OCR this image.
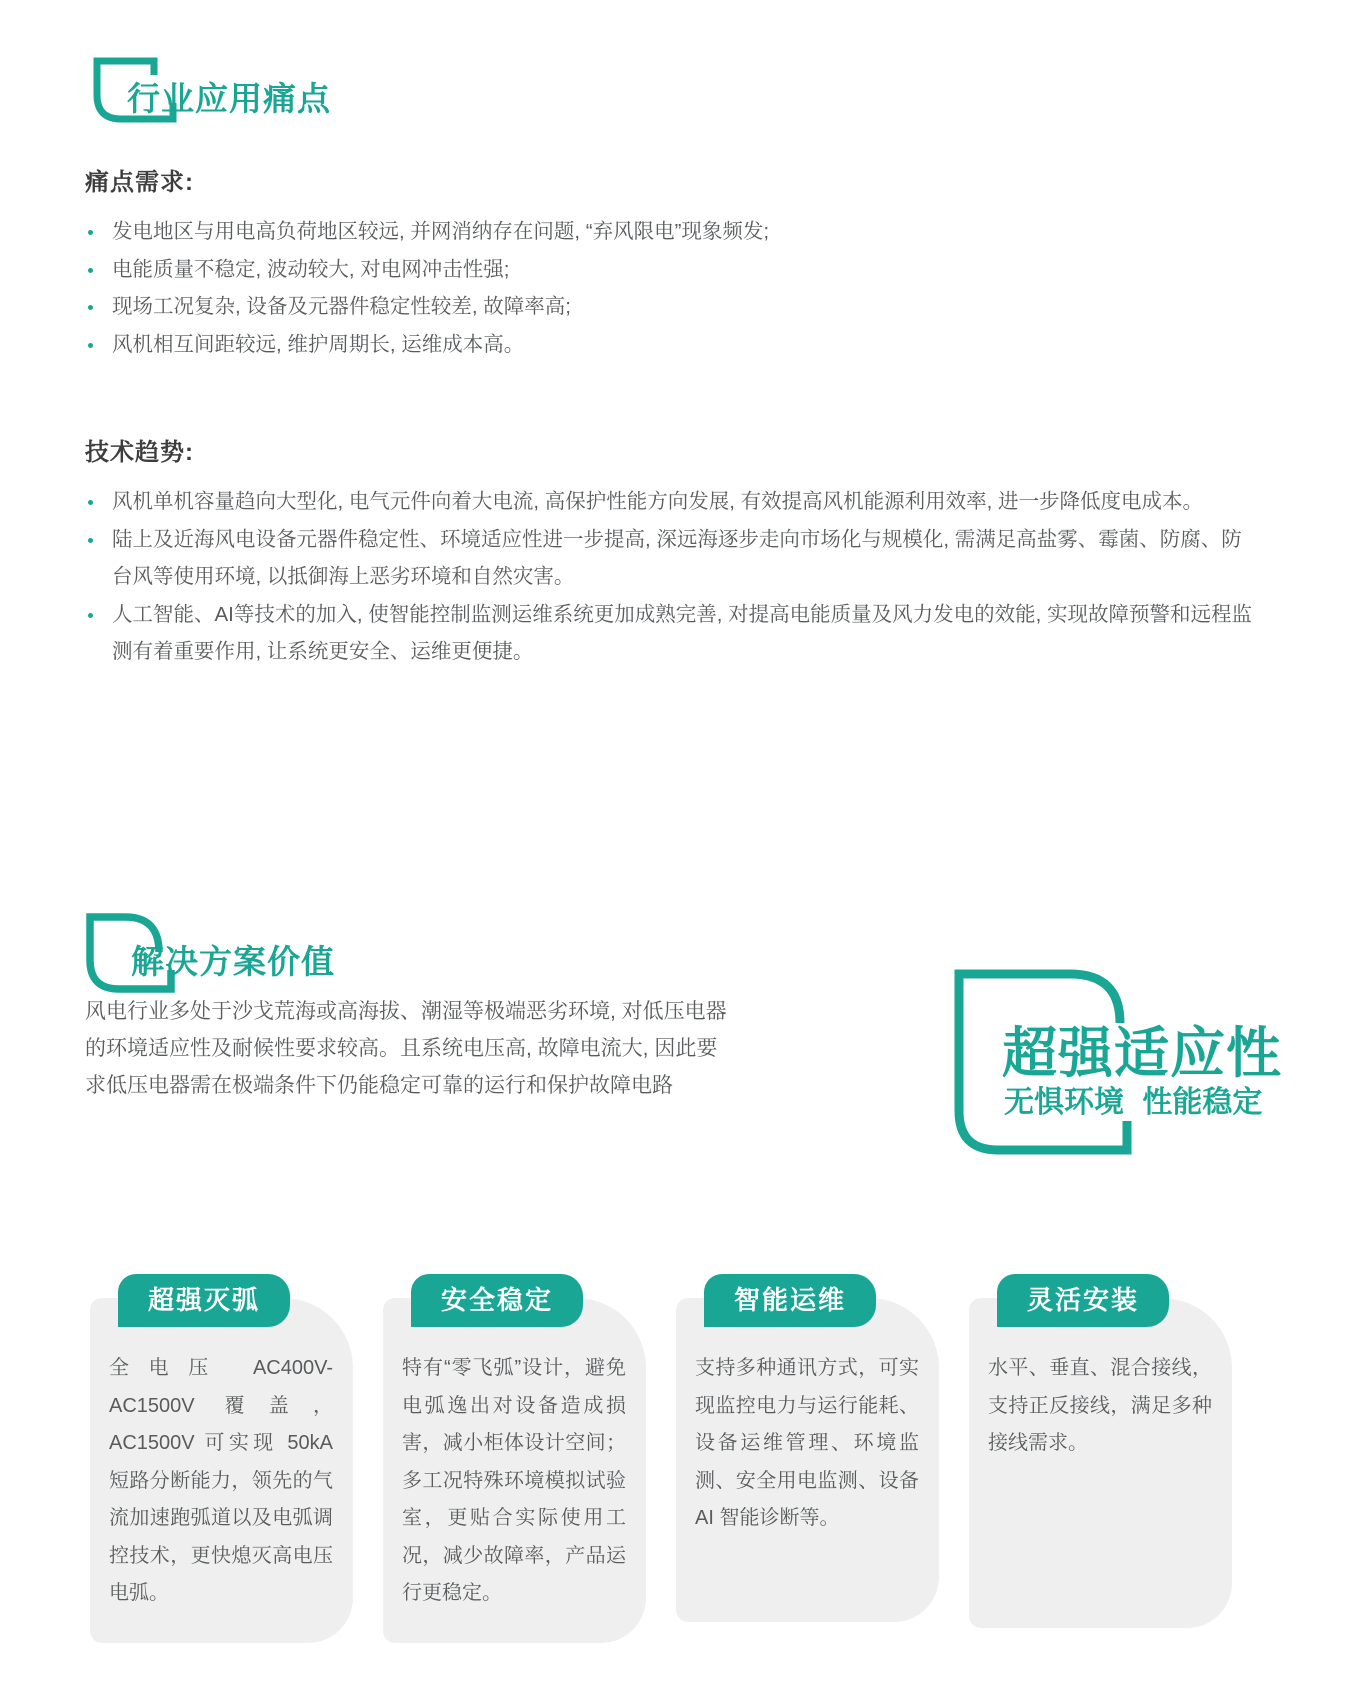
行业应用痛点
痛点需求:
发电地区与用电高负荷地区较远, 并网消纳存在问题, “弃风限电”现象频发;
电能质量不稳定, 波动较大, 对电网冲击性强;
现场工况复杂, 设备及元器件稳定性较差, 故障率高;
风机相互间距较远, 维护周期长, 运维成本高。
技术趋势:
风机单机容量趋向大型化, 电气元件向着大电流, 高保护性能方向发展, 有效提高风机能源利用效率, 进一步降低度电成本。
陆上及近海风电设备元器件稳定性、环境适应性进一步提高, 深远海逐步走向市场化与规模化, 需满足高盐雾、霉菌、防腐、防台风等使用环境, 以抵御海上恶劣环境和自然灾害。
人工智能、AI等技术的加入, 使智能控制监测运维系统更加成熟完善, 对提高电能质量及风力发电的效能, 实现故障预警和远程监测有着重要作用, 让系统更安全、运维更便捷。
解决方案价值
风电行业多处于沙戈荒海或高海拔、潮湿等极端恶劣环境, 对低压电器的环境适应性及耐候性要求较高。且系统电压高, 故障电流大, 因此要求低压电器需在极端条件下仍能稳定可靠的运行和保护故障电路
超强适应性
无惧环境 性能稳定
超强灭弧
全电压 AC400V-AC1500V 覆盖，AC1500V 可实现 50kA 短路分断能力，领先的气流加速跑弧道以及电弧调控技术，更快熄灭高电压电弧。
安全稳定
特有“零飞弧”设计，避免电弧逸出对设备造成损害，减小柜体设计空间；多工况特殊环境模拟试验室，更贴合实际使用工况，减少故障率，产品运行更稳定。
智能运维
支持多种通讯方式，可实现监控电力与运行能耗、设备运维管理、环境监测、安全用电监测、设备 AI 智能诊断等。
灵活安装
水平、垂直、混合接线，支持正反接线，满足多种接线需求。
